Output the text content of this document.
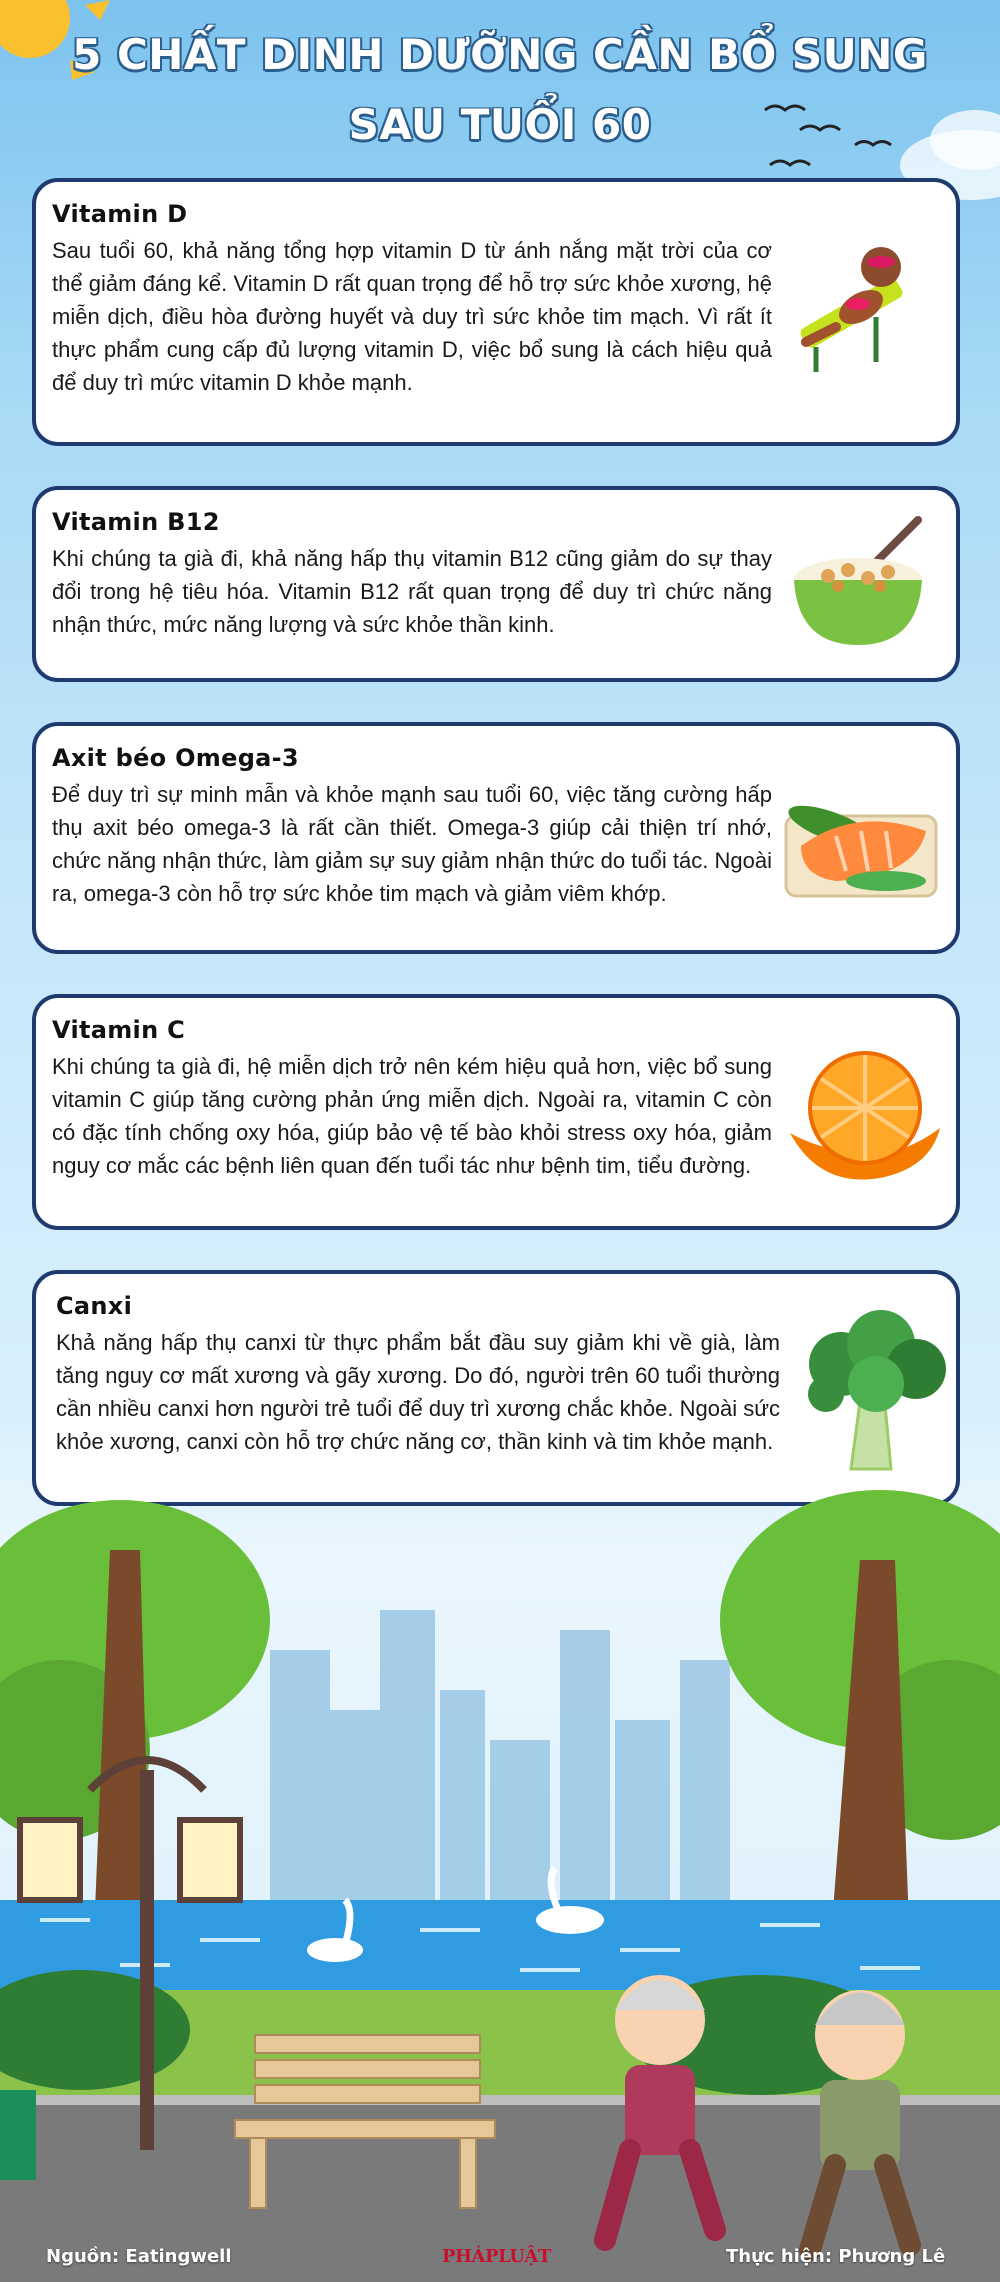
5 CHẤT DINH DƯỠNG CẦN BỔ SUNG
SAU TUỔI 60
Vitamin D

Sau tuổi 60, khả năng tổng hợp vitamin D từ ánh nắng mặt trời của cơ thể giảm đáng kể. Vitamin D rất quan trọng để hỗ trợ sức khỏe xương, hệ miễn dịch, điều hòa đường huyết và duy trì sức khỏe tim mạch. Vì rất ít thực phẩm cung cấp đủ lượng vitamin D, việc bổ sung là cách hiệu quả để duy trì mức vitamin D khỏe mạnh.

Vitamin B12

Khi chúng ta già đi, khả năng hấp thụ vitamin B12 cũng giảm do sự thay đổi trong hệ tiêu hóa. Vitamin B12 rất quan trọng để duy trì chức năng nhận thức, mức năng lượng và sức khỏe thần kinh.

Axit béo Omega-3

Để duy trì sự minh mẫn và khỏe mạnh sau tuổi 60, việc tăng cường hấp thụ axit béo omega-3 là rất cần thiết. Omega-3 giúp cải thiện trí nhớ, chức năng nhận thức, làm giảm sự suy giảm nhận thức do tuổi tác. Ngoài ra, omega-3 còn hỗ trợ sức khỏe tim mạch và giảm viêm khớp.

Vitamin C

Khi chúng ta già đi, hệ miễn dịch trở nên kém hiệu quả hơn, việc bổ sung vitamin C giúp tăng cường phản ứng miễn dịch. Ngoài ra, vitamin C còn có đặc tính chống oxy hóa, giúp bảo vệ tế bào khỏi stress oxy hóa, giảm nguy cơ mắc các bệnh liên quan đến tuổi tác như bệnh tim, tiểu đường.

Canxi

Khả năng hấp thụ canxi từ thực phẩm bắt đầu suy giảm khi về già, làm tăng nguy cơ mất xương và gãy xương. Do đó, người trên 60 tuổi thường cần nhiều canxi hơn người trẻ tuổi để duy trì xương chắc khỏe. Ngoài sức khỏe xương, canxi còn hỗ trợ chức năng cơ, thần kinh và tim khỏe mạnh.

Nguồn: Eatingwell	PHÁPLUẬT	Thực hiện: Phương Lê
